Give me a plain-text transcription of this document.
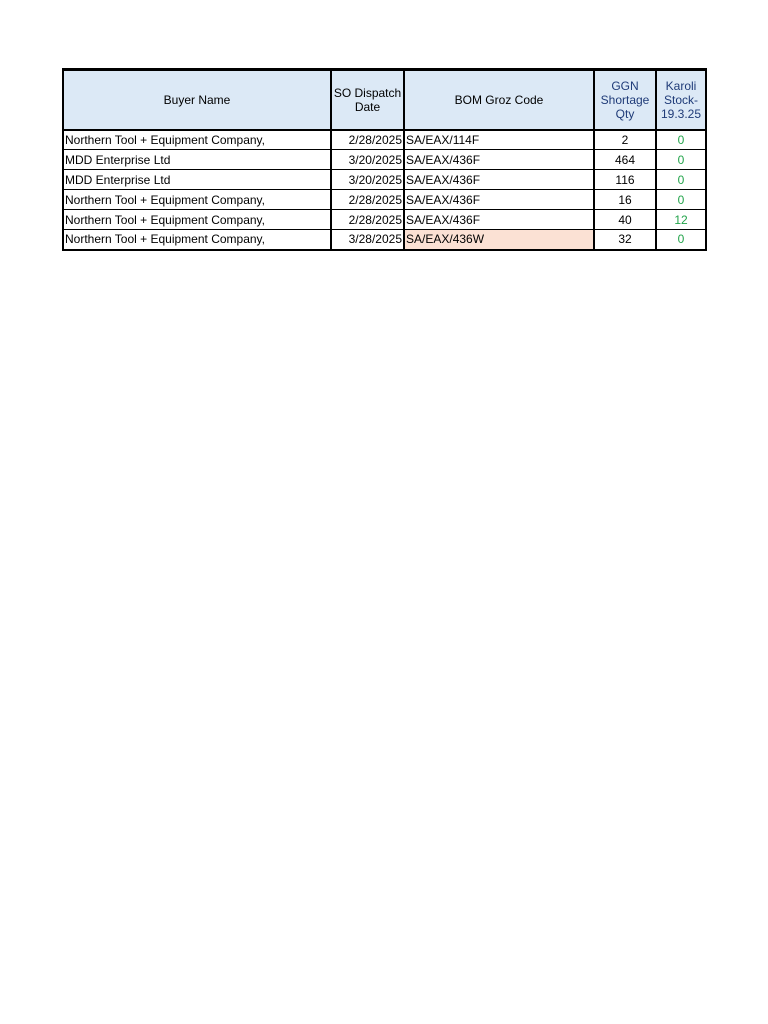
Buyer Name	SO Dispatch Date	BOM Groz Code	GGN Shortage Qty	Karoli Stock-19.3.25
Northern Tool + Equipment Company,	2/28/2025	SA/EAX/114F	2	0
MDD Enterprise Ltd	3/20/2025	SA/EAX/436F	464	0
MDD Enterprise Ltd	3/20/2025	SA/EAX/436F	116	0
Northern Tool + Equipment Company,	2/28/2025	SA/EAX/436F	16	0
Northern Tool + Equipment Company,	2/28/2025	SA/EAX/436F	40	12
Northern Tool + Equipment Company,	3/28/2025	SA/EAX/436W	32	0
